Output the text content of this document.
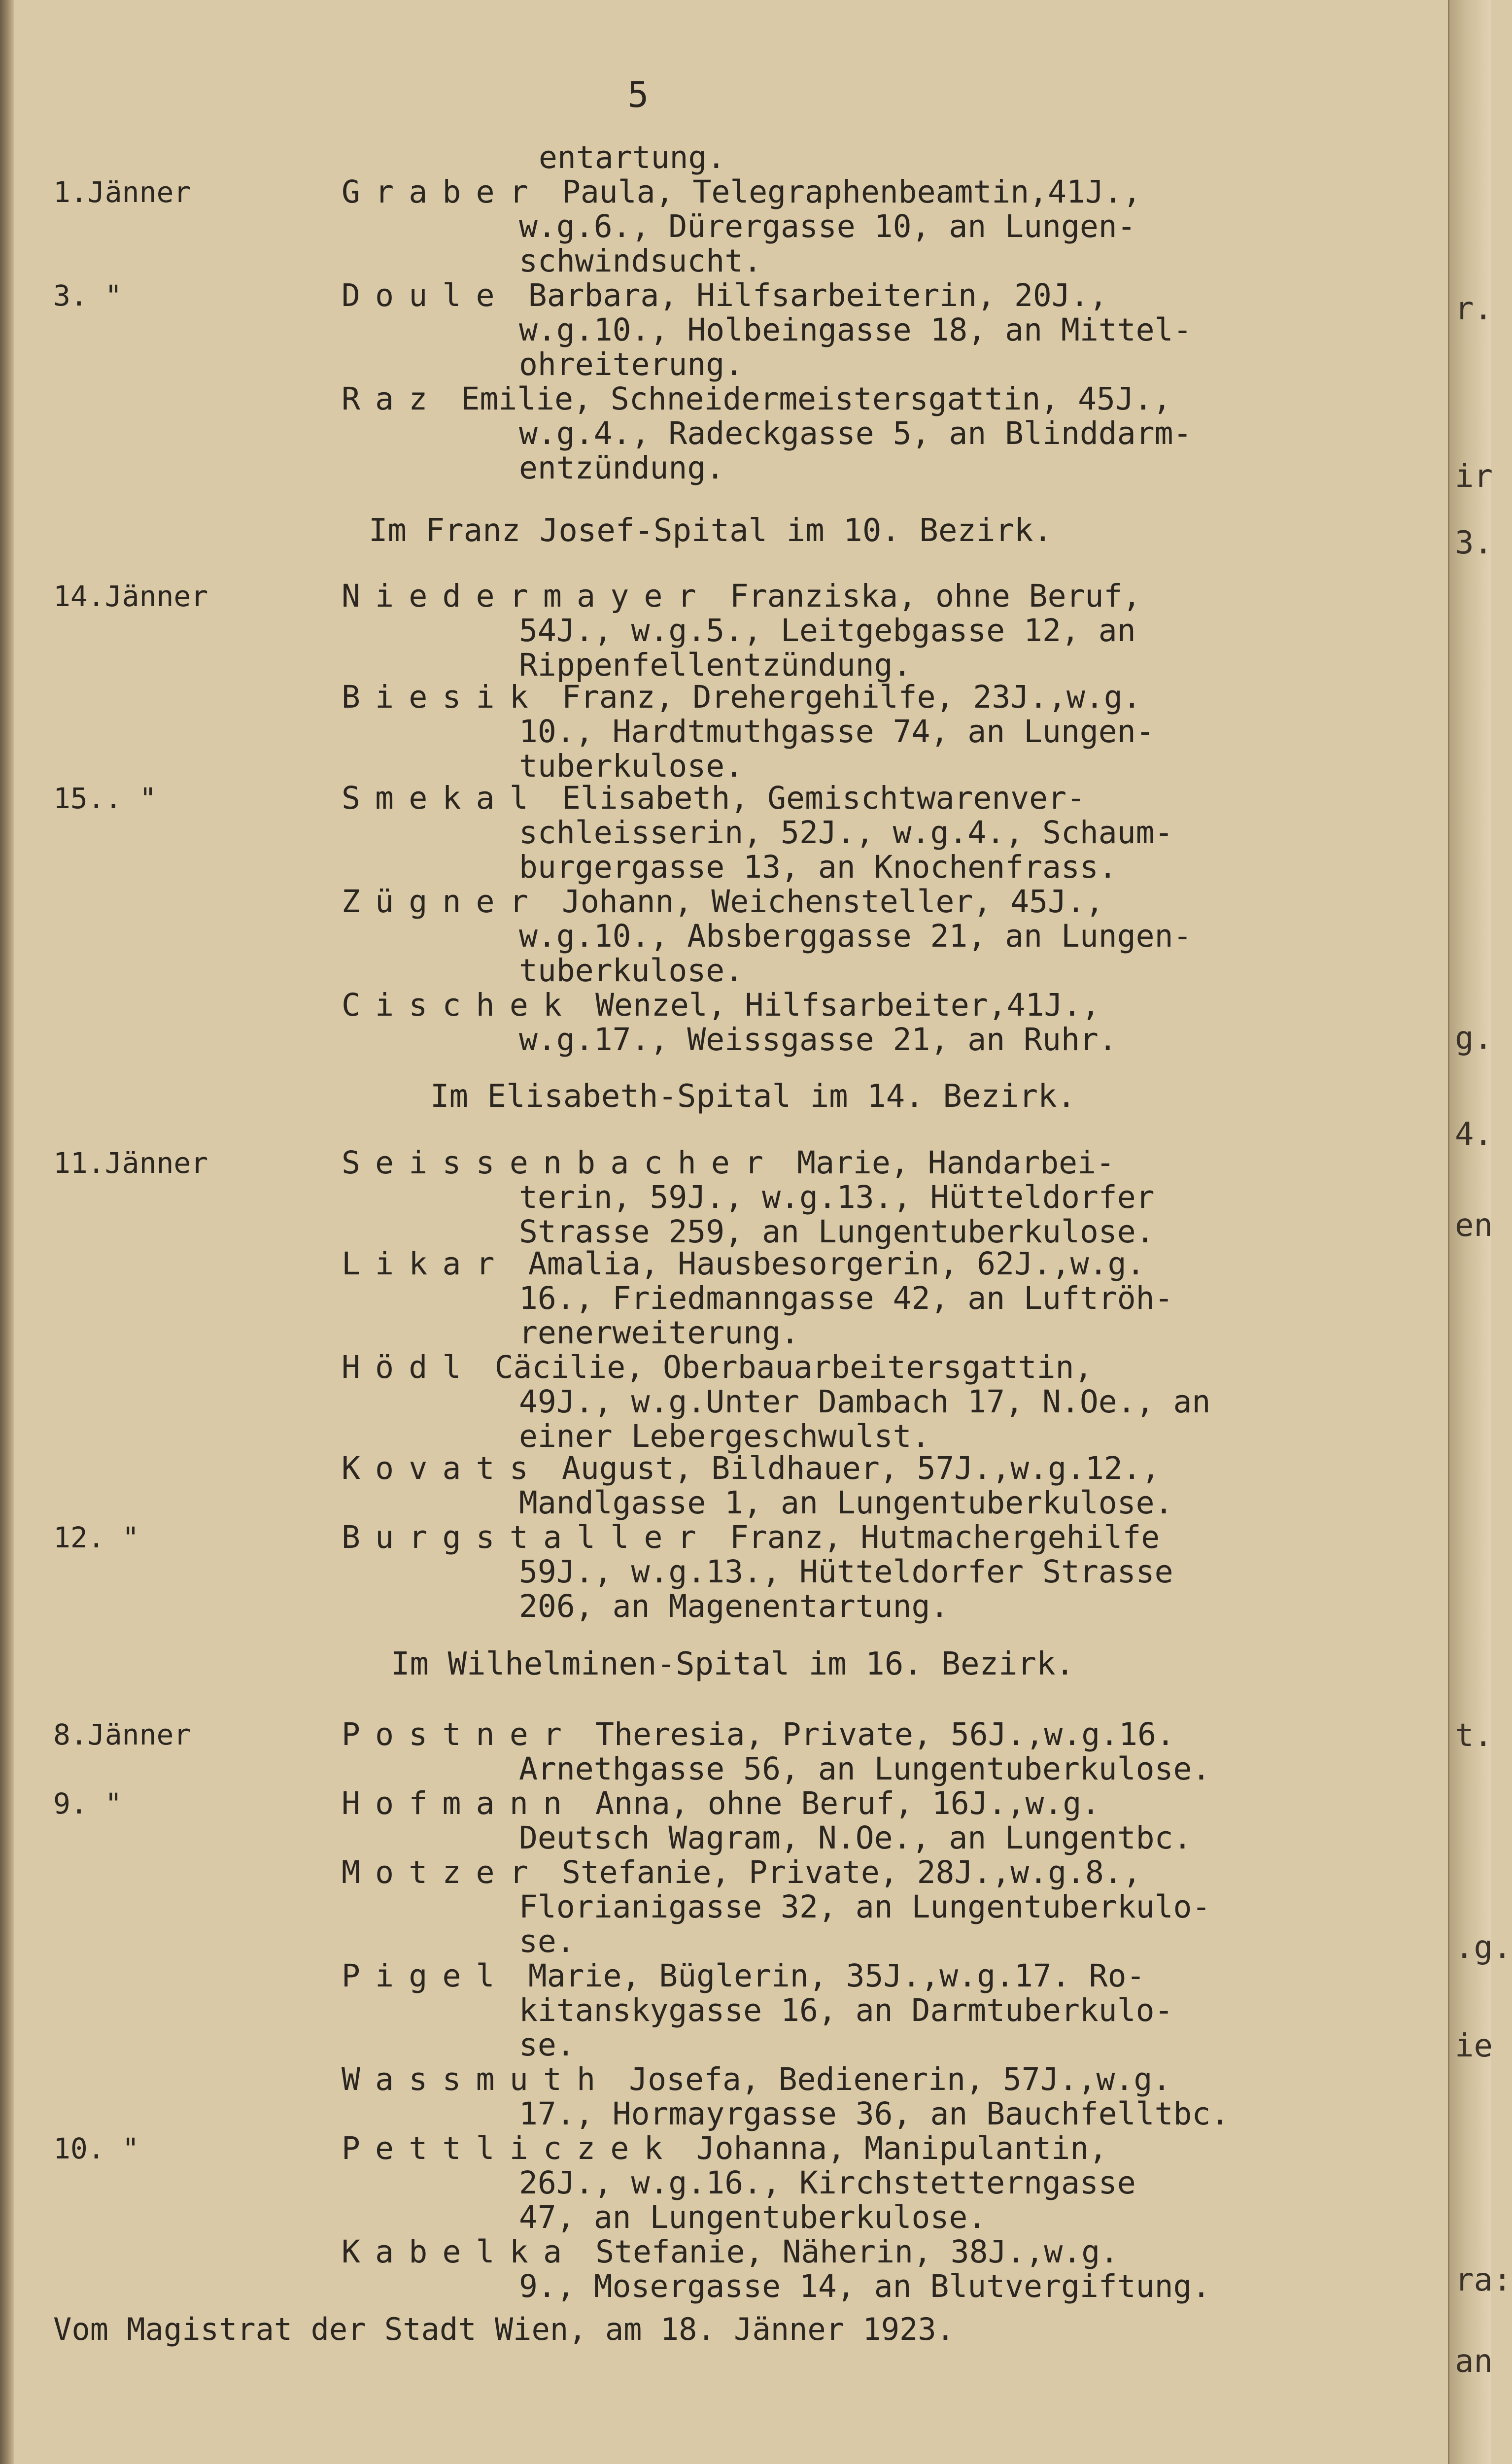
5
Im Franz Josef-Spital im 10. Bezirk.
Im Elisabeth-Spital im 14. Bezirk.
Im Wilhelminen-Spital im 16. Bezirk.
entartung.
1.Jänner	Graber Paula, Telegraphenbeamtin,41J.,
w.g.6., Dürergasse 10, an Lungen-
schwindsucht.
3. "	Doule Barbara, Hilfsarbeiterin, 20J.,
w.g.10., Holbeingasse 18, an Mittel-
ohreiterung.
Raz Emilie, Schneidermeistersgattin, 45J.,
w.g.4., Radeckgasse 5, an Blinddarm-
entzündung.
14.Jänner	Niedermayer Franziska, ohne Beruf,
54J., w.g.5., Leitgebgasse 12, an
Rippenfellentzündung.
Biesik Franz, Drehergehilfe, 23J.,w.g.
10., Hardtmuthgasse 74, an Lungen-
tuberkulose.
15.. "	Smekal Elisabeth, Gemischtwarenver-
schleisserin, 52J., w.g.4., Schaum-
burgergasse 13, an Knochenfrass.
Zügner Johann, Weichensteller, 45J.,
w.g.10., Absberggasse 21, an Lungen-
tuberkulose.
Cischek Wenzel, Hilfsarbeiter,41J.,
w.g.17., Weissgasse 21, an Ruhr.
11.Jänner	Seissenbacher Marie, Handarbei-
terin, 59J., w.g.13., Hütteldorfer
Strasse 259, an Lungentuberkulose.
Likar Amalia, Hausbesorgerin, 62J.,w.g.
16., Friedmanngasse 42, an Luftröh-
renerweiterung.
Hödl Cäcilie, Oberbauarbeitersgattin,
49J., w.g.Unter Dambach 17, N.Oe., an
einer Lebergeschwulst.
Kovats August, Bildhauer, 57J.,w.g.12.,
Mandlgasse 1, an Lungentuberkulose.
12. "	Burgstaller Franz, Hutmachergehilfe
59J., w.g.13., Hütteldorfer Strasse
206, an Magenentartung.
8.Jänner	Postner Theresia, Private, 56J.,w.g.16.
Arnethgasse 56, an Lungentuberkulose.
9. "	Hofmann Anna, ohne Beruf, 16J.,w.g.
Deutsch Wagram, N.Oe., an Lungentbc.
Motzer Stefanie, Private, 28J.,w.g.8.,
Florianigasse 32, an Lungentuberkulo-
se.
Pigel Marie, Büglerin, 35J.,w.g.17. Ro-
kitanskygasse 16, an Darmtuberkulo-
se.
Wassmuth Josefa, Bedienerin, 57J.,w.g.
17., Hormayrgasse 36, an Bauchfelltbc.
10. "	Pettliczek Johanna, Manipulantin,
26J., w.g.16., Kirchstetterngasse
47, an Lungentuberkulose.
Kabelka Stefanie, Näherin, 38J.,w.g.
9., Mosergasse 14, an Blutvergiftung.
Vom Magistrat der Stadt Wien, am 18. Jänner 1923.
r.
ir
3.
g.
4.
en
t.
.g.
ie
ra:
an
